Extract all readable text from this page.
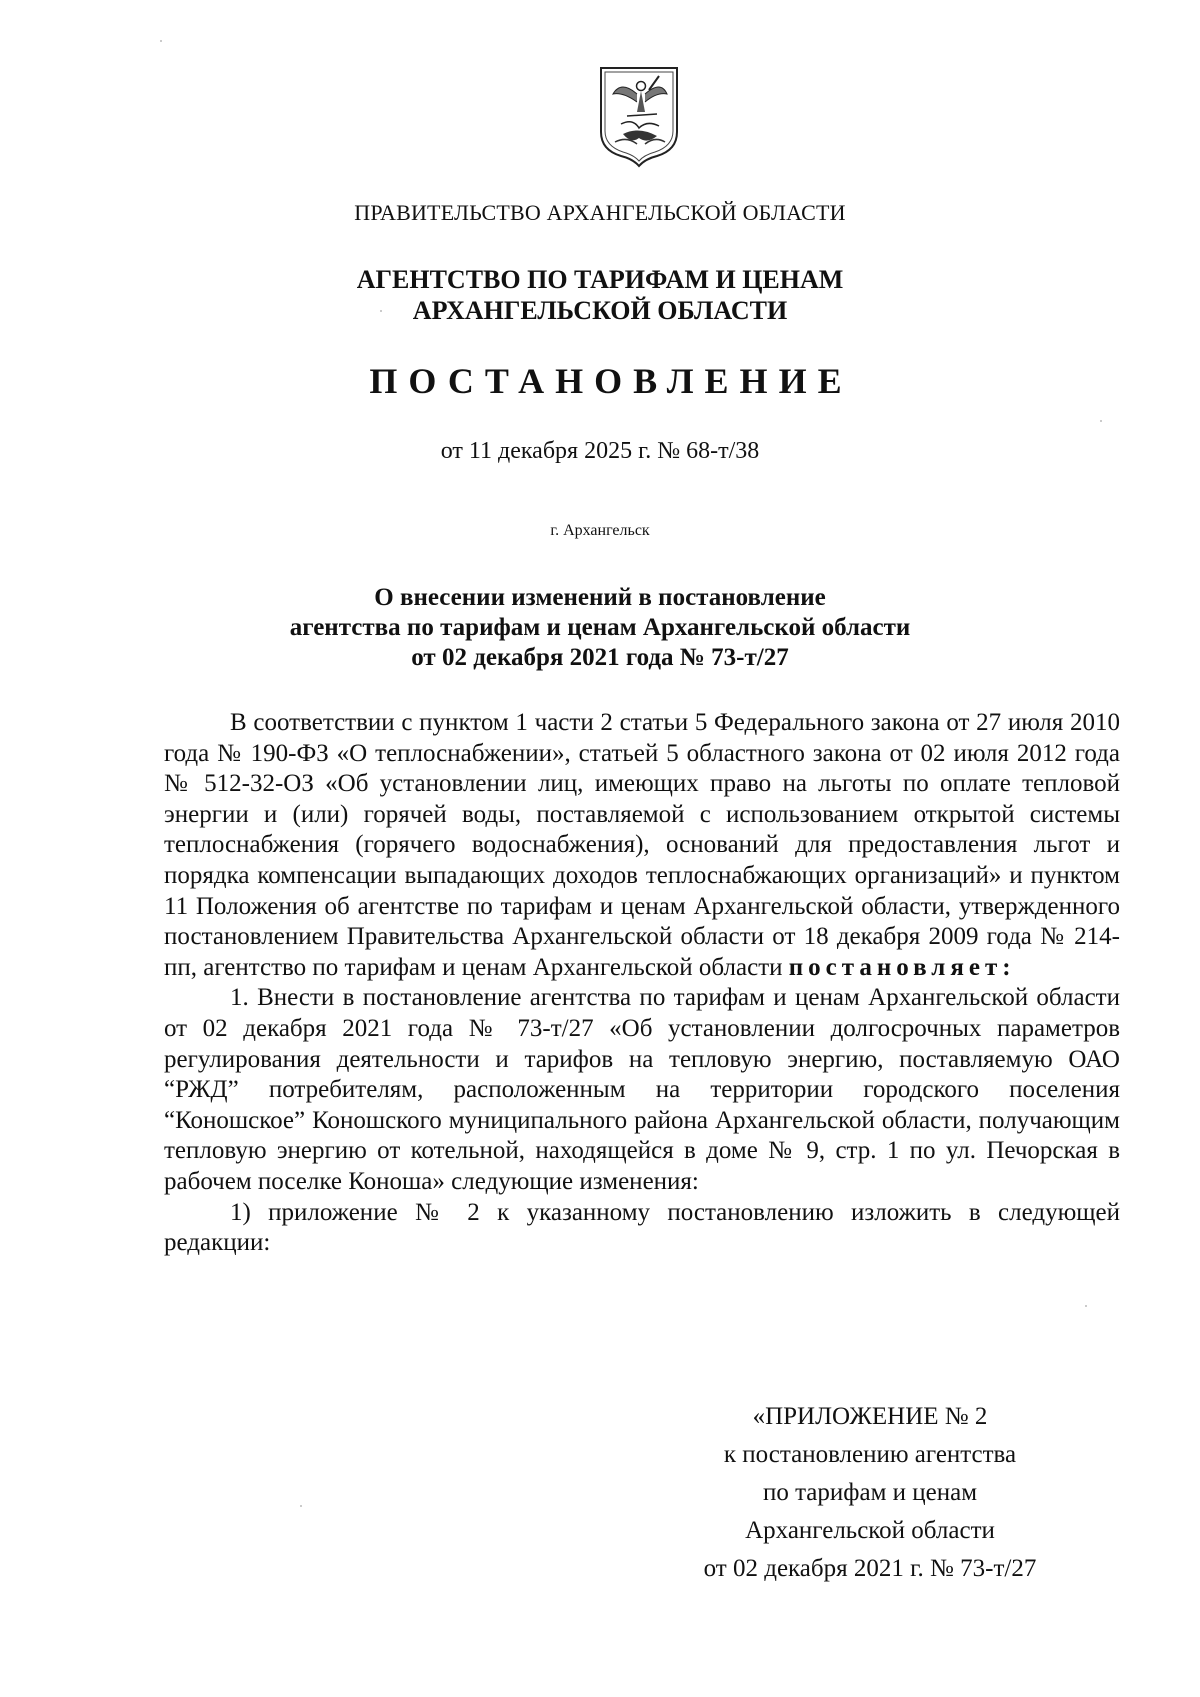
ПРАВИТЕЛЬСТВО АРХАНГЕЛЬСКОЙ ОБЛАСТИ
АГЕНТСТВО ПО ТАРИФАМ И ЦЕНАМ
АРХАНГЕЛЬСКОЙ ОБЛАСТИ
ПОСТАНОВЛЕНИЕ
от 11 декабря 2025 г. № 68-т/38
г. Архангельск
О внесении изменений в постановление
агентства по тарифам и ценам Архангельской области
от 02 декабря 2021 года № 73-т/27

В соответствии с пунктом 1 части 2 статьи 5 Федерального закона от 27 июля 2010 года № 190-ФЗ «О теплоснабжении», статьей 5 областного закона от 02 июля 2012 года № 512-32-ОЗ «Об установлении лиц, имеющих право на льготы по оплате тепловой энергии и (или) горячей воды, поставляемой с использованием открытой системы теплоснабжения (горячего водоснабжения), оснований для предоставления льгот и порядка компенсации выпадающих доходов теплоснабжающих организаций» и пунктом 11 Положения об агентстве по тарифам и ценам Архангельской области, утвержденного постановлением Правительства Архангельской области от 18 декабря 2009 года № 214-пп, агентство по тарифам и ценам Архангельской области постановляет:

1. Внести в постановление агентства по тарифам и ценам Архангельской области от 02 декабря 2021 года № 73-т/27 «Об установлении долгосрочных параметров регулирования деятельности и тарифов на тепловую энергию, поставляемую ОАО “РЖД” потребителям, расположенным на территории городского поселения “Коношское” Коношского муниципального района Архангельской области, получающим тепловую энергию от котельной, находящейся в доме № 9, стр. 1 по ул. Печорская в рабочем поселке Коноша» следующие изменения:

1) приложение № 2 к указанному постановлению изложить в следующей редакции:

«ПРИЛОЖЕНИЕ № 2
к постановлению агентства
по тарифам и ценам
Архангельской области
от 02 декабря 2021 г. № 73-т/27
